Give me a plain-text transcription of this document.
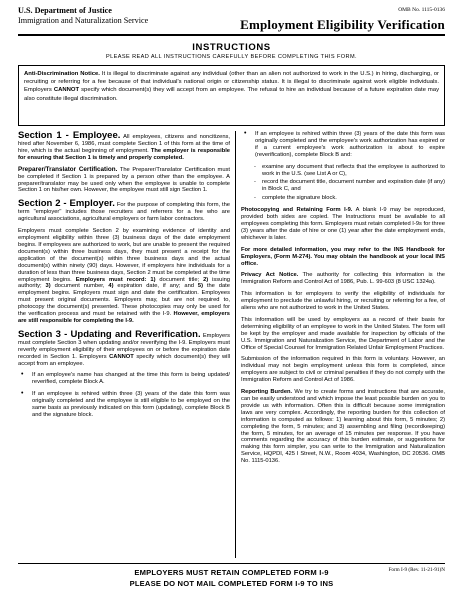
U.S. Department of Justice
Immigration and Naturalization Service
OMB No. 1115-0136
Employment Eligibility Verification
INSTRUCTIONS
PLEASE READ ALL INSTRUCTIONS CAREFULLY BEFORE COMPLETING THIS FORM.
Anti-Discrimination Notice. It is illegal to discriminate against any individual (other than an alien not authorized to work in the U.S.) in hiring, discharging, or recruiting or referring for a fee because of that individual's national origin or citizenship status. It is illegal to discriminate against work eligible individuals. Employers CANNOT specify which document(s) they will accept from an employee. The refusal to hire an individual because of a future expiration date may also constitute illegal discrimination.

Section 1 - Employee. All employees, citizens and noncitizens, hired after November 6, 1986, must complete Section 1 of this form at the time of hire, which is the actual beginning of employment. The employer is responsible for ensuring that Section 1 is timely and properly completed.

Preparer/Translator Certification. The Preparer/Translator Certification must be completed if Section 1 is prepared by a person other than the employee. A preparer/translator may be used only when the employee is unable to complete Section 1 on his/her own. However, the employee must still sign Section 1.

Section 2 - Employer. For the purpose of completing this form, the term "employer" includes those recruiters and referrers for a fee who are agricultural associations, agricultural employers or farm labor contractors.

Employers must complete Section 2 by examining evidence of identity and employment eligibility within three (3) business days of the date employment begins. If employees are authorized to work, but are unable to present the required document(s) within three business days, they must present a receipt for the application of the document(s) within three business days and the actual document(s) within ninety (90) days. However, if employers hire individuals for a duration of less than three business days, Section 2 must be completed at the time employment begins. Employers must record: 1) document title; 2) issuing authority; 3) document number, 4) expiration date, if any; and 5) the date employment begins. Employers must sign and date the certification. Employees must present original documents. Employers may, but are not required to, photocopy the document(s) presented. These photocopies may only be used for the verification process and must be retained with the I-9. However, employers are still responsible for completing the I-9.

Section 3 - Updating and Reverification. Employers must complete Section 3 when updating and/or reverifying the I-9. Employers must reverify employment eligibility of their employees on or before the expiration date recorded in Section 1. Employers CANNOT specify which document(s) they will accept from an employee.

• If an employee's name has changed at the time this form is being updated/ reverified, complete Block A.
• If an employee is rehired within three (3) years of the date this form was originally completed and the employee is still eligible to be employed on the same basis as previously indicated on this form (updating), complete Block B and the signature block.
• If an employee is rehired within three (3) years of the date this form was originally completed and the employee's work authorization has expired or if a current employee's work authorization is about to expire (reverification), complete Block B and:
- examine any document that reflects that the employee is authorized to work in the U.S. (see List A or C),
- record the document title, document number and expiration date (if any) in Block C, and
- complete the signature block.

Photocopying and Retaining Form I-9. A blank I-9 may be reproduced, provided both sides are copied. The Instructions must be available to all employees completing this form. Employers must retain completed I-9s for three (3) years after the date of hire or one (1) year after the date employment ends, whichever is later.

For more detailed information, you may refer to the INS Handbook for Employers, (Form M-274). You may obtain the handbook at your local INS office.

Privacy Act Notice. The authority for collecting this information is the Immigration Reform and Control Act of 1986, Pub. L. 99-603 (8 USC 1324a).

This information is for employers to verify the eligibility of individuals for employment to preclude the unlawful hiring, or recruiting or referring for a fee, of aliens who are not authorized to work in the United States.

This information will be used by employers as a record of their basis for determining eligibility of an employee to work in the United States. The form will be kept by the employer and made available for inspection by officials of the U.S. Immigration and Naturalization Service, the Department of Labor and the Office of Special Counsel for Immigration Related Unfair Employment Practices.

Submission of the information required in this form is voluntary. However, an individual may not begin employment unless this form is completed, since employers are subject to civil or criminal penalties if they do not comply with the Immigration Reform and Control Act of 1986.

Reporting Burden. We try to create forms and instructions that are accurate, can be easily understood and which impose the least possible burden on you to provide us with information. Often this is difficult because some immigration laws are very complex. Accordingly, the reporting burden for this collection of information is computed as follows: 1) learning about this form, 5 minutes; 2) completing the form, 5 minutes; and 3) assembling and filing (recordkeeping) the form, 5 minutes, for an average of 15 minutes per response. If you have comments regarding the accuracy of this burden estimate, or suggestions for making this form simpler, you can write to the Immigration and Naturalization Service, HQPDI, 425 I Street, N.W., Room 4034, Washington, DC 20536. OMB No. 1115-0136.

EMPLOYERS MUST RETAIN COMPLETED FORM I-9
PLEASE DO NOT MAIL COMPLETED FORM I-9 TO INS
Form I-9 (Rev. 11-21-91)N
